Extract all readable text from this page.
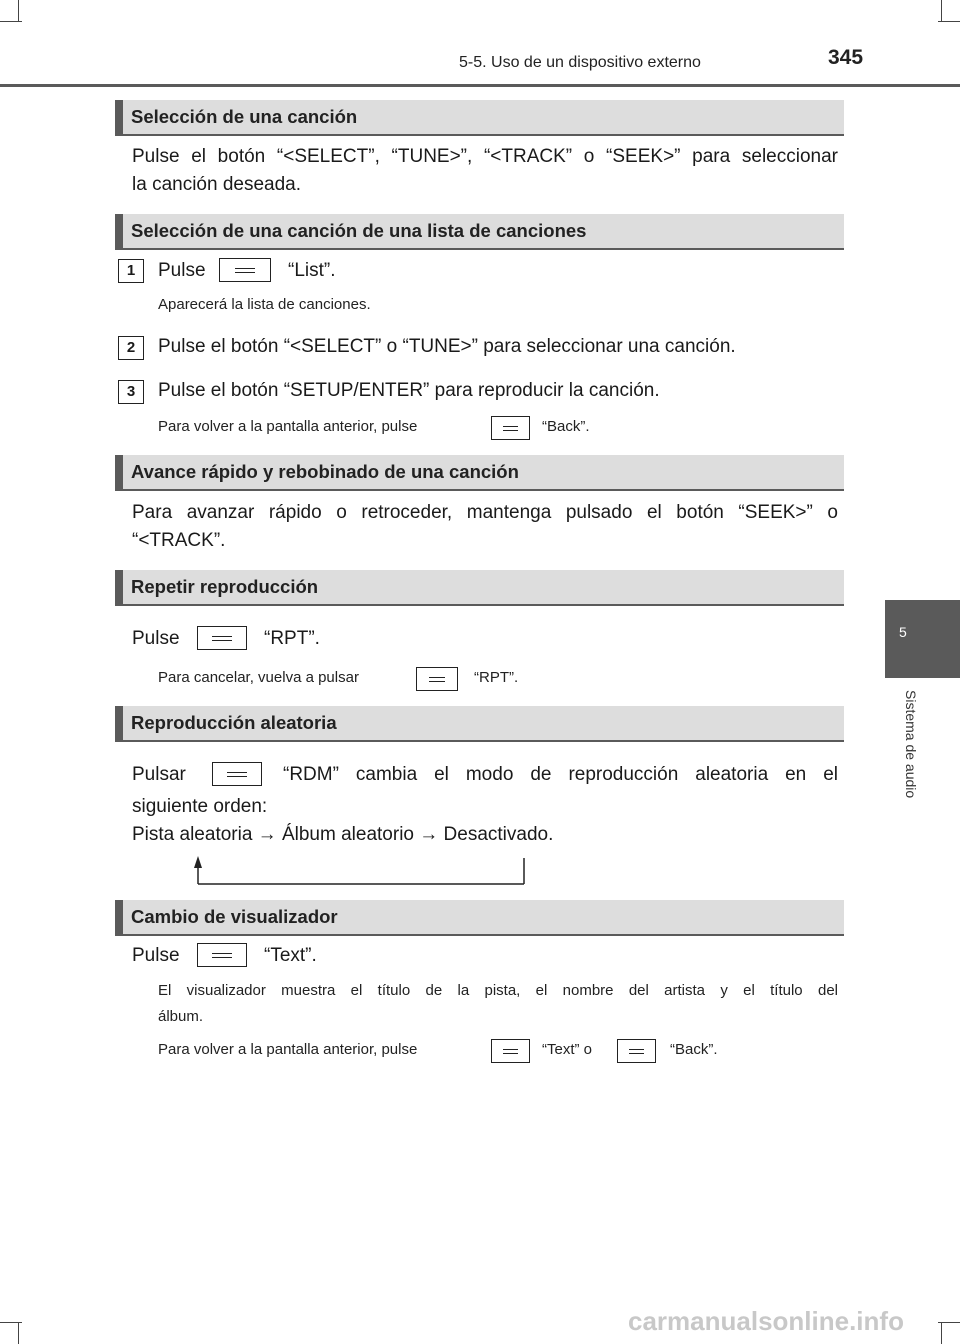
5-5. Uso de un dispositivo externo	345
5
Sistema de audio
Selección de una canción
Pulse el botón “<SELECT”, “TUNE>”, “<TRACK” o “SEEK>” para seleccionar
la canción deseada.
Selección de una canción de una lista de canciones
1	Pulse	“List”.
Aparecerá la lista de canciones.
2	Pulse el botón “<SELECT” o “TUNE>” para seleccionar una canción.
3	Pulse el botón “SETUP/ENTER” para reproducir la canción.
Para volver a la pantalla anterior, pulse	“Back”.
Avance rápido y rebobinado de una canción
Para avanzar rápido o retroceder, mantenga pulsado el botón “SEEK>” o
“<TRACK”.
Repetir reproducción
Pulse	“RPT”.
Para cancelar, vuelva a pulsar	“RPT”.
Reproducción aleatoria
Pulsar	“RDM” cambia el modo de reproducción aleatoria en el
siguiente orden:
Pista aleatoria → Álbum aleatorio → Desactivado.
Cambio de visualizador
Pulse	“Text”.
El visualizador muestra el título de la pista, el nombre del artista y el título del
álbum.
Para volver a la pantalla anterior, pulse	“Text” o	“Back”.
carmanualsonline.info
